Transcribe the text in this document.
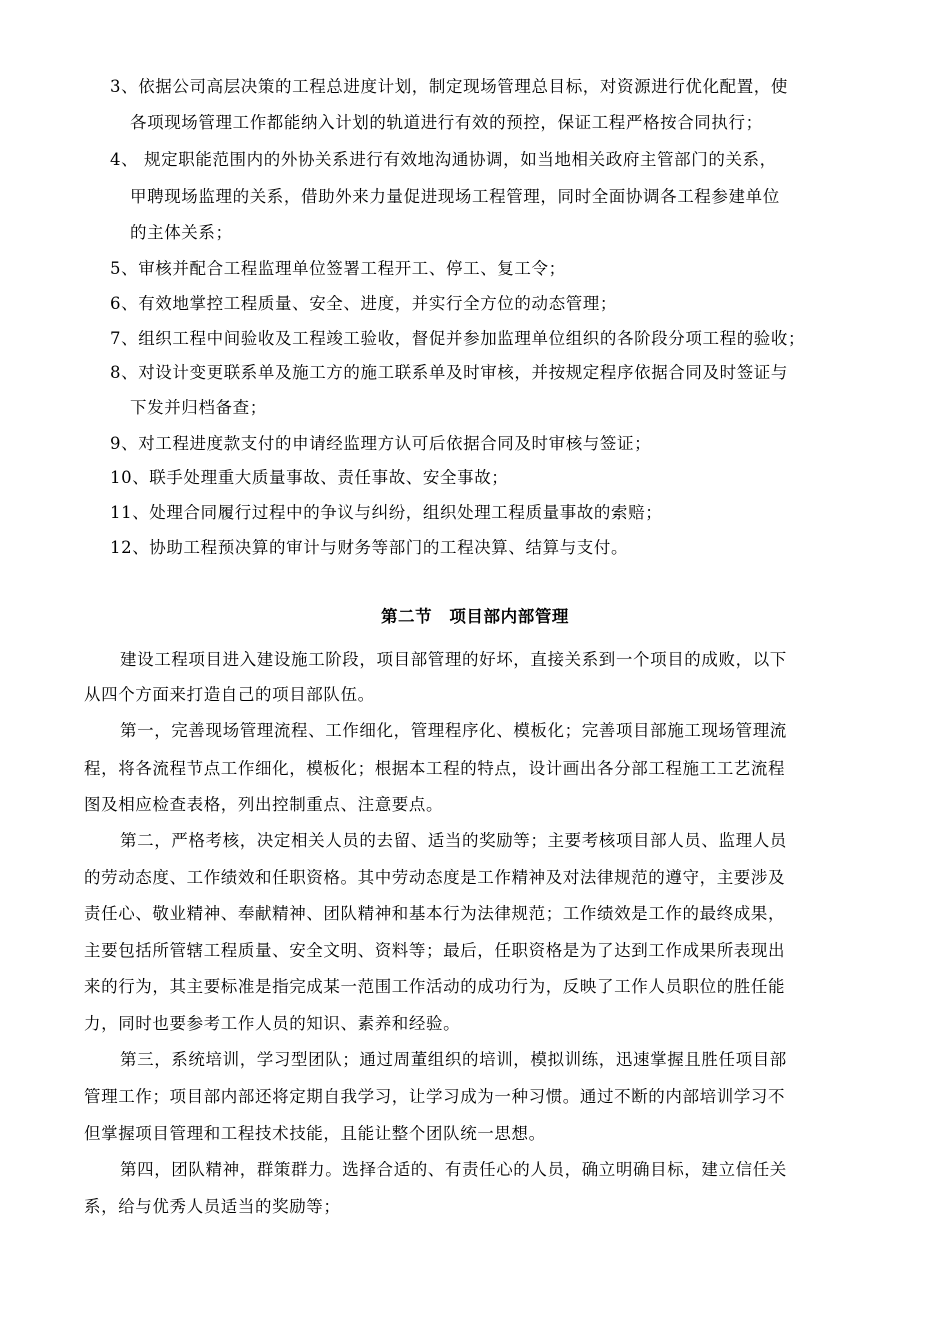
3、依据公司高层决策的工程总进度计划，制定现场管理总目标，对资源进行优化配置，使
各项现场管理工作都能纳入计划的轨道进行有效的预控，保证工程严格按合同执行；
4、 规定职能范围内的外协关系进行有效地沟通协调，如当地相关政府主管部门的关系，
甲聘现场监理的关系，借助外来力量促进现场工程管理，同时全面协调各工程参建单位
的主体关系；
5、审核并配合工程监理单位签署工程开工、停工、复工令；
6、有效地掌控工程质量、安全、进度，并实行全方位的动态管理；
7、组织工程中间验收及工程竣工验收，督促并参加监理单位组织的各阶段分项工程的验收；
8、对设计变更联系单及施工方的施工联系单及时审核，并按规定程序依据合同及时签证与
下发并归档备查；
9、对工程进度款支付的申请经监理方认可后依据合同及时审核与签证；
10、联手处理重大质量事故、责任事故、安全事故；
11、处理合同履行过程中的争议与纠纷，组织处理工程质量事故的索赔；
12、协助工程预决算的审计与财务等部门的工程决算、结算与支付。
第二节　项目部内部管理
建设工程项目进入建设施工阶段，项目部管理的好坏，直接关系到一个项目的成败，以下
从四个方面来打造自己的项目部队伍。
第一，完善现场管理流程、工作细化，管理程序化、模板化；完善项目部施工现场管理流
程，将各流程节点工作细化，模板化；根据本工程的特点，设计画出各分部工程施工工艺流程
图及相应检查表格，列出控制重点、注意要点。
第二，严格考核，决定相关人员的去留、适当的奖励等；主要考核项目部人员、监理人员
的劳动态度、工作绩效和任职资格。其中劳动态度是工作精神及对法律规范的遵守，主要涉及
责任心、敬业精神、奉献精神、团队精神和基本行为法律规范；工作绩效是工作的最终成果，
主要包括所管辖工程质量、安全文明、资料等；最后，任职资格是为了达到工作成果所表现出
来的行为，其主要标准是指完成某一范围工作活动的成功行为，反映了工作人员职位的胜任能
力，同时也要参考工作人员的知识、素养和经验。
第三，系统培训，学习型团队；通过周董组织的培训，模拟训练，迅速掌握且胜任项目部
管理工作；项目部内部还将定期自我学习，让学习成为一种习惯。通过不断的内部培训学习不
但掌握项目管理和工程技术技能，且能让整个团队统一思想。
第四，团队精神，群策群力。选择合适的、有责任心的人员，确立明确目标，建立信任关
系，给与优秀人员适当的奖励等；
